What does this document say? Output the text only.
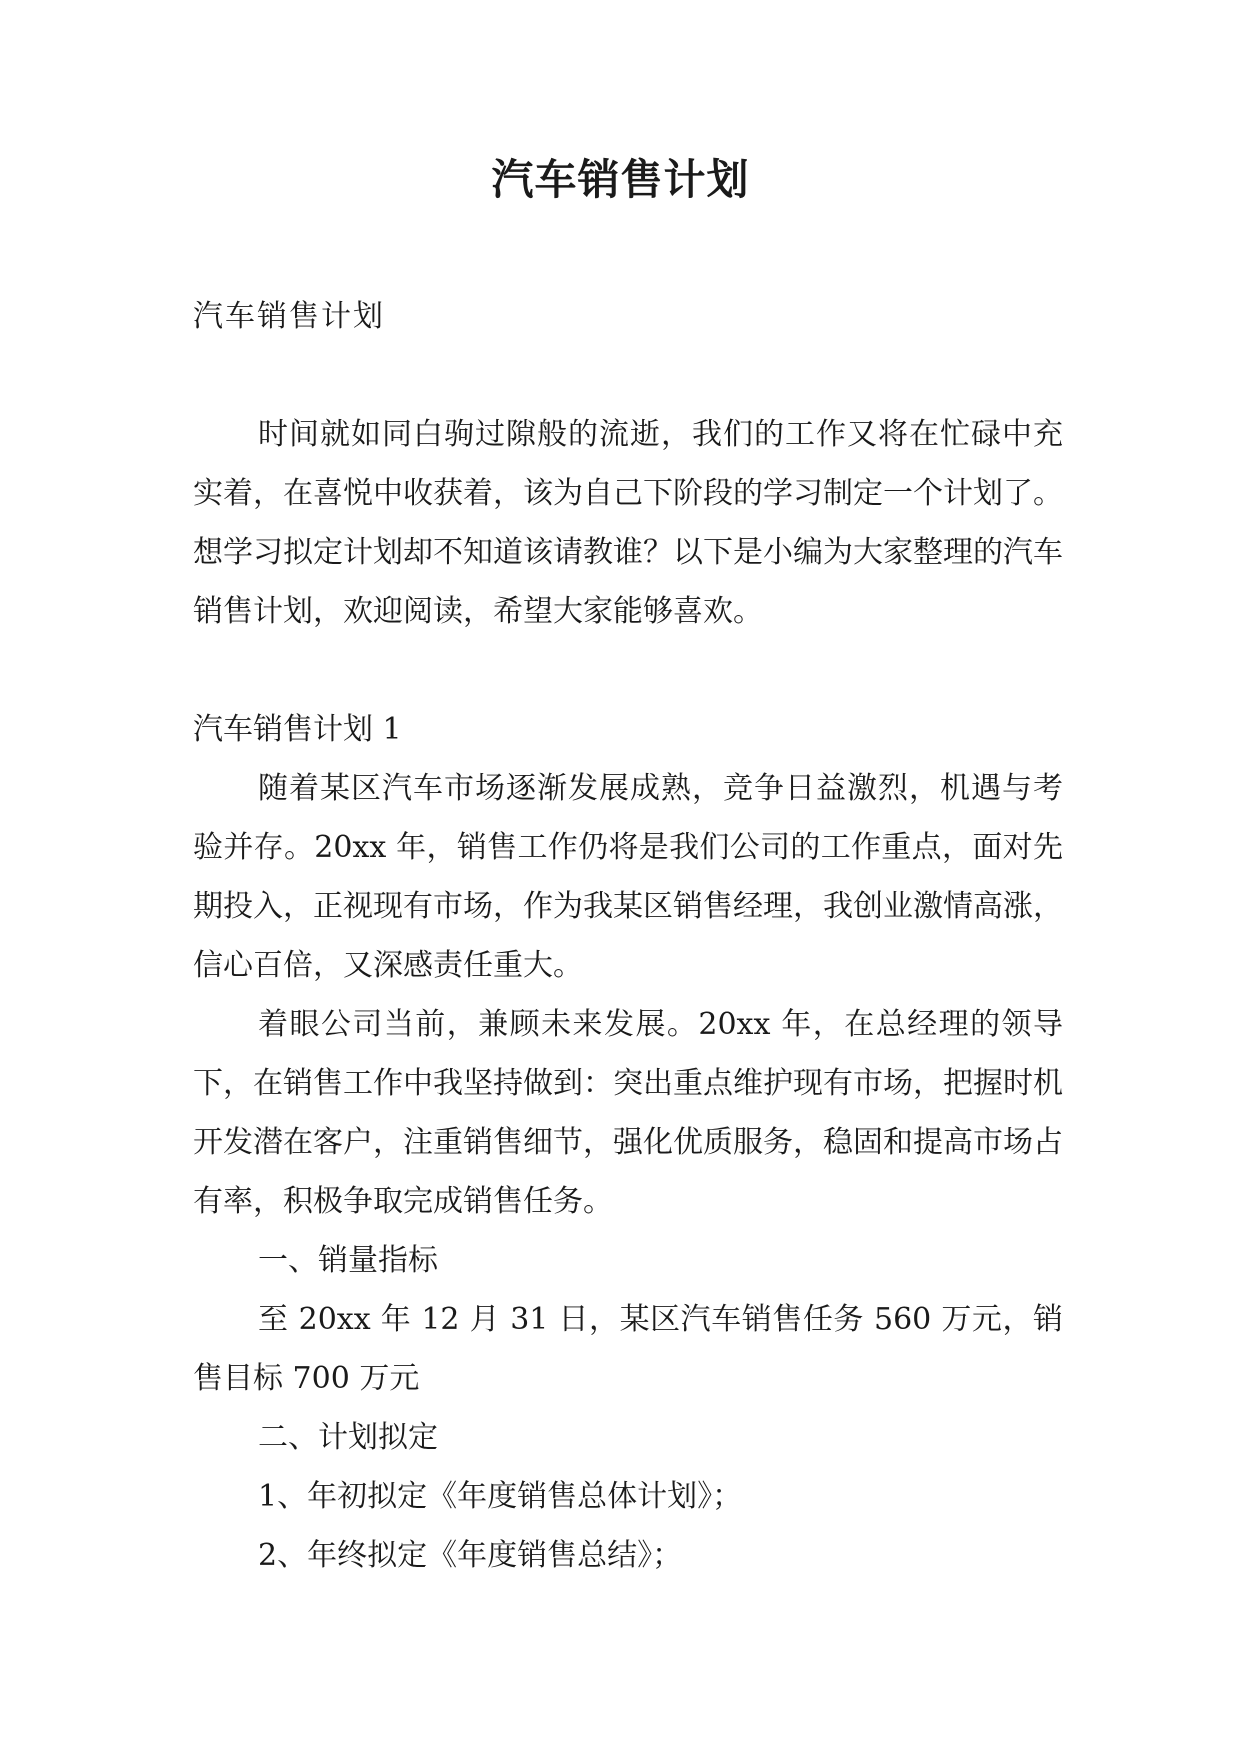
汽车销售计划

汽车销售计划

时间就如同白驹过隙般的流逝，我们的工作又将在忙碌中充实着，在喜悦中收获着，该为自己下阶段的学习制定一个计划了。想学习拟定计划却不知道该请教谁？以下是小编为大家整理的汽车销售计划，欢迎阅读，希望大家能够喜欢。

汽车销售计划 1

随着某区汽车市场逐渐发展成熟，竞争日益激烈，机遇与考验并存。20xx 年，销售工作仍将是我们公司的工作重点，面对先期投入，正视现有市场，作为我某区销售经理，我创业激情高涨，信心百倍，又深感责任重大。

着眼公司当前，兼顾未来发展。20xx 年，在总经理的领导下，在销售工作中我坚持做到：突出重点维护现有市场，把握时机开发潜在客户，注重销售细节，强化优质服务，稳固和提高市场占有率，积极争取完成销售任务。

一、销量指标

至 20xx 年 12 月 31 日，某区汽车销售任务 560 万元，销售目标 700 万元

二、计划拟定

1、年初拟定《年度销售总体计划》；

2、年终拟定《年度销售总结》；
